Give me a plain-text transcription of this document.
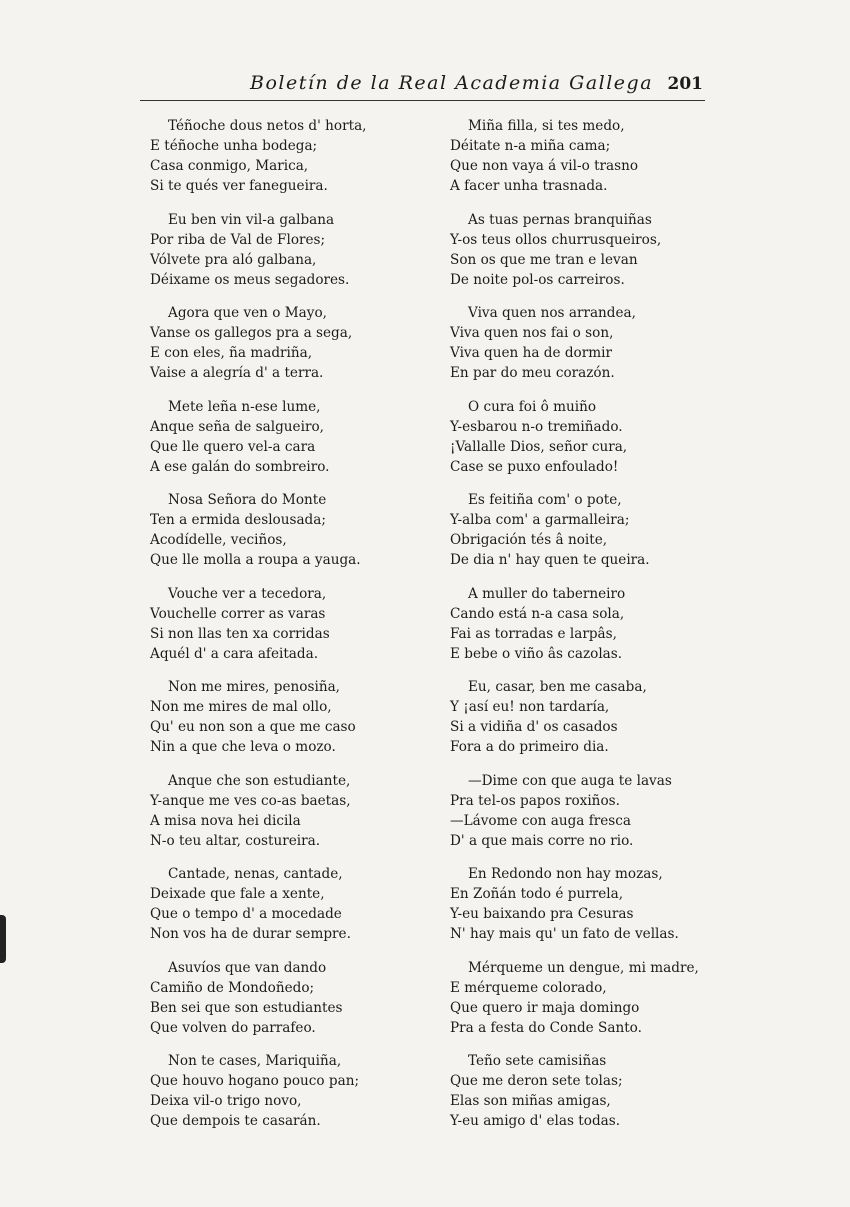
Boletín de la Real Academia Gallega 201
Téñoche dous netos d' horta,
E téñoche unha bodega;
Casa conmigo, Marica,
Si te qués ver fanegueira.
Eu ben vin vil-a galbana
Por riba de Val de Flores;
Vólvete pra aló galbana,
Déixame os meus segadores.
Agora que ven o Mayo,
Vanse os gallegos pra a sega,
E con eles, ña madriña,
Vaise a alegría d' a terra.
Mete leña n-ese lume,
Anque seña de salgueiro,
Que lle quero vel-a cara
A ese galán do sombreiro.
Nosa Señora do Monte
Ten a ermida deslousada;
Acodídelle, veciños,
Que lle molla a roupa a yauga.
Vouche ver a tecedora,
Vouchelle correr as varas
Si non llas ten xa corridas
Aquél d' a cara afeitada.
Non me mires, penosiña,
Non me mires de mal ollo,
Qu' eu non son a que me caso
Nin a que che leva o mozo.
Anque che son estudiante,
Y-anque me ves co-as baetas,
A misa nova hei dicila
N-o teu altar, costureira.
Cantade, nenas, cantade,
Deixade que fale a xente,
Que o tempo d' a mocedade
Non vos ha de durar sempre.
Asuvíos que van dando
Camiño de Mondoñedo;
Ben sei que son estudiantes
Que volven do parrafeo.
Non te cases, Mariquiña,
Que houvo hogano pouco pan;
Deixa vil-o trigo novo,
Que dempois te casarán.
Miña filla, si tes medo,
Déitate n-a miña cama;
Que non vaya á vil-o trasno
A facer unha trasnada.
As tuas pernas branquiñas
Y-os teus ollos churrusqueiros,
Son os que me tran e levan
De noite pol-os carreiros.
Viva quen nos arrandea,
Viva quen nos fai o son,
Viva quen ha de dormir
En par do meu corazón.
O cura foi ô muiño
Y-esbarou n-o tremiñado.
¡Vallalle Dios, señor cura,
Case se puxo enfoulado!
Es feitiña com' o pote,
Y-alba com' a garmalleira;
Obrigación tés â noite,
De dia n' hay quen te queira.
A muller do taberneiro
Cando está n-a casa sola,
Fai as torradas e larpâs,
E bebe o viño âs cazolas.
Eu, casar, ben me casaba,
Y ¡así eu! non tardaría,
Si a vidiña d' os casados
Fora a do primeiro dia.
—Dime con que auga te lavas
Pra tel-os papos roxiños.
—Lávome con auga fresca
D' a que mais corre no rio.
En Redondo non hay mozas,
En Zoñán todo é purrela,
Y-eu baixando pra Cesuras
N' hay mais qu' un fato de vellas.
Mérqueme un dengue, mi madre,
E mérqueme colorado,
Que quero ir maja domingo
Pra a festa do Conde Santo.
Teño sete camisiñas
Que me deron sete tolas;
Elas son miñas amigas,
Y-eu amigo d' elas todas.
